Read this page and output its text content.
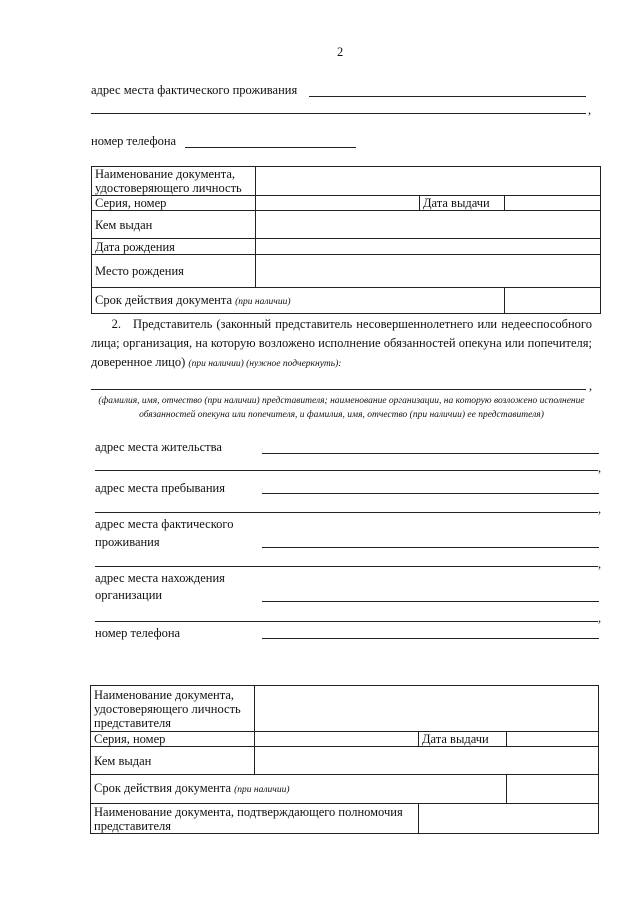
2
адрес места фактического проживания
,
номер телефона
Наименование документа, удостоверяющего личность			
Серия, номер		Дата выдачи	
Кем выдан			
Дата рождения			
Место рождения			
Срок действия документа (при наличии)			
2. Представитель (законный представитель несовершеннолетнего или недееспособного лица; организация, на которую возложено исполнение обязанностей опекуна или попечителя; доверенное лицо) (при наличии) (нужное подчеркнуть):
,
(фамилия, имя, отчество (при наличии) представителя; наименование организации, на которую возложено исполнение обязанностей опекуна или попечителя, и фамилия, имя, отчество (при наличии) ее представителя)
адрес места жительства
,
адрес места пребывания
,
адрес места фактического
проживания
,
адрес места нахождения
организации
,
номер телефона
Наименование документа, удостоверяющего личность представителя			
Серия, номер		Дата выдачи	
Кем выдан			
Срок действия документа (при наличии)			
Наименование документа, подтверждающего полномочия представителя			
